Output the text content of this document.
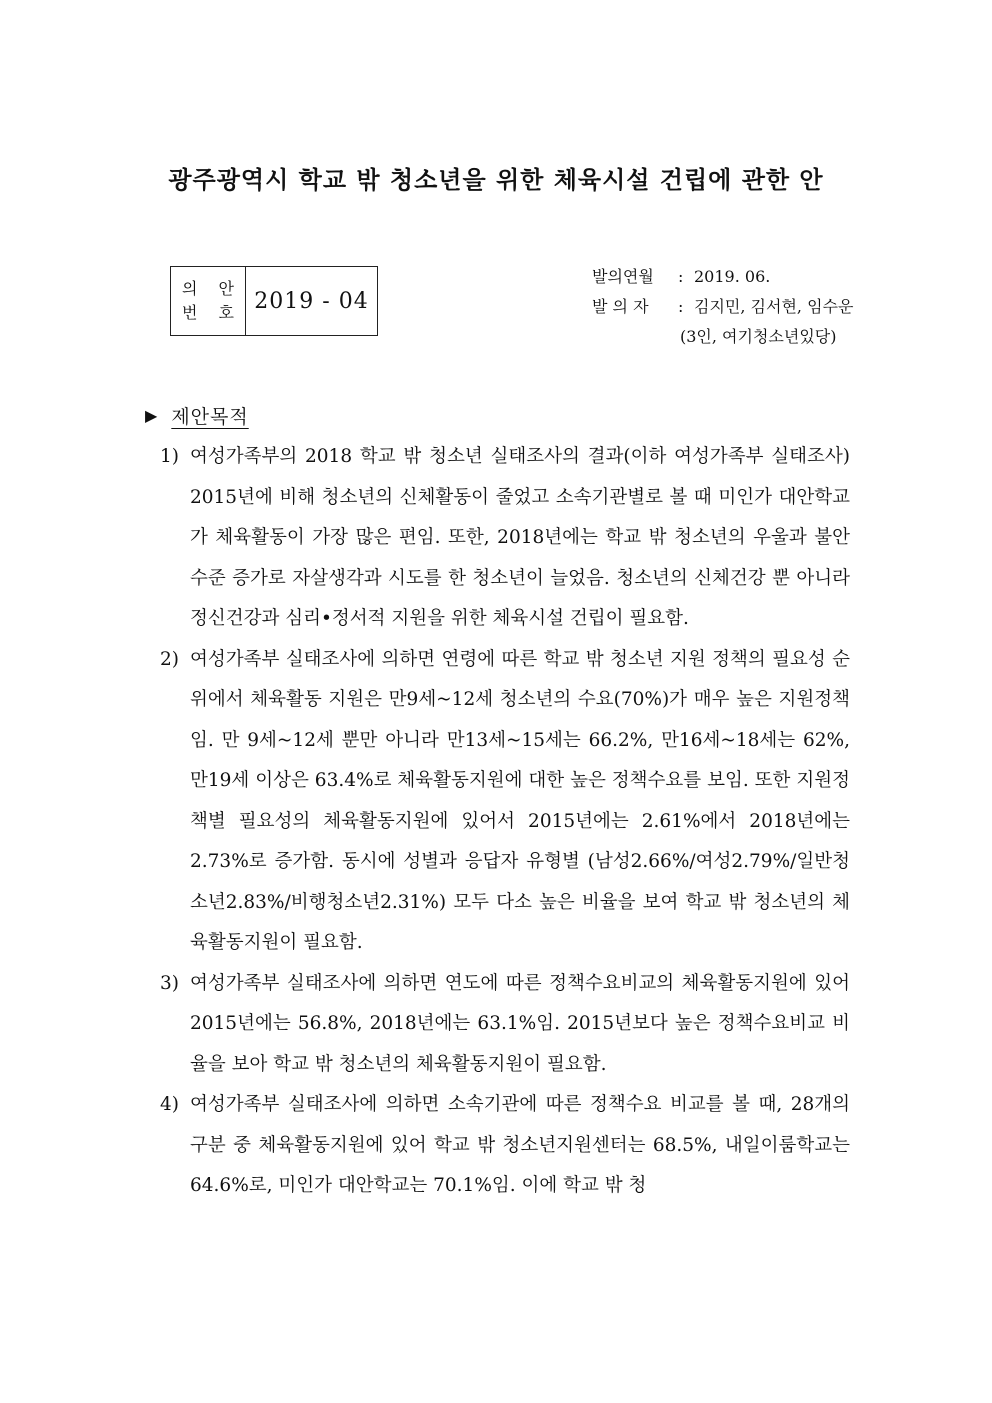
광주광역시 학교 밖 청소년을 위한 체육시설 건립에 관한 안
의 안
번 호 2019 - 04
발의연월	: 2019. 06.
발 의 자	: 김지민, 김서현, 임수운
(3인, 여기청소년있당)
▶ 제안목적
1) 여성가족부의 2018 학교 밖 청소년 실태조사의 결과(이하 여성가족부 실태조사) 2015년에 비해 청소년의 신체활동이 줄었고 소속기관별로 볼 때 미인가 대안학교가 체육활동이 가장 많은 편임. 또한, 2018년에는 학교 밖 청소년의 우울과 불안 수준 증가로 자살생각과 시도를 한 청소년이 늘었음. 청소년의 신체건강 뿐 아니라 정신건강과 심리•정서적 지원을 위한 체육시설 건립이 필요함.
2) 여성가족부 실태조사에 의하면 연령에 따른 학교 밖 청소년 지원 정책의 필요성 순위에서 체육활동 지원은 만9세~12세 청소년의 수요(70%)가 매우 높은 지원정책임. 만 9세~12세 뿐만 아니라 만13세~15세는 66.2%, 만16세~18세는 62%, 만19세 이상은 63.4%로 체육활동지원에 대한 높은 정책수요를 보임. 또한 지원정책별 필요성의 체육활동지원에 있어서 2015년에는 2.61%에서 2018년에는 2.73%로 증가함. 동시에 성별과 응답자 유형별 (남성2.66%/여성2.79%/일반청소년2.83%/비행청소년2.31%) 모두 다소 높은 비율을 보여 학교 밖 청소년의 체육활동지원이 필요함.
3) 여성가족부 실태조사에 의하면 연도에 따른 정책수요비교의 체육활동지원에 있어 2015년에는 56.8%, 2018년에는 63.1%임. 2015년보다 높은 정책수요비교 비율을 보아 학교 밖 청소년의 체육활동지원이 필요함.
4) 여성가족부 실태조사에 의하면 소속기관에 따른 정책수요 비교를 볼 때, 28개의 구분 중 체육활동지원에 있어 학교 밖 청소년지원센터는 68.5%, 내일이룸학교는 64.6%로, 미인가 대안학교는 70.1%임. 이에 학교 밖 청
